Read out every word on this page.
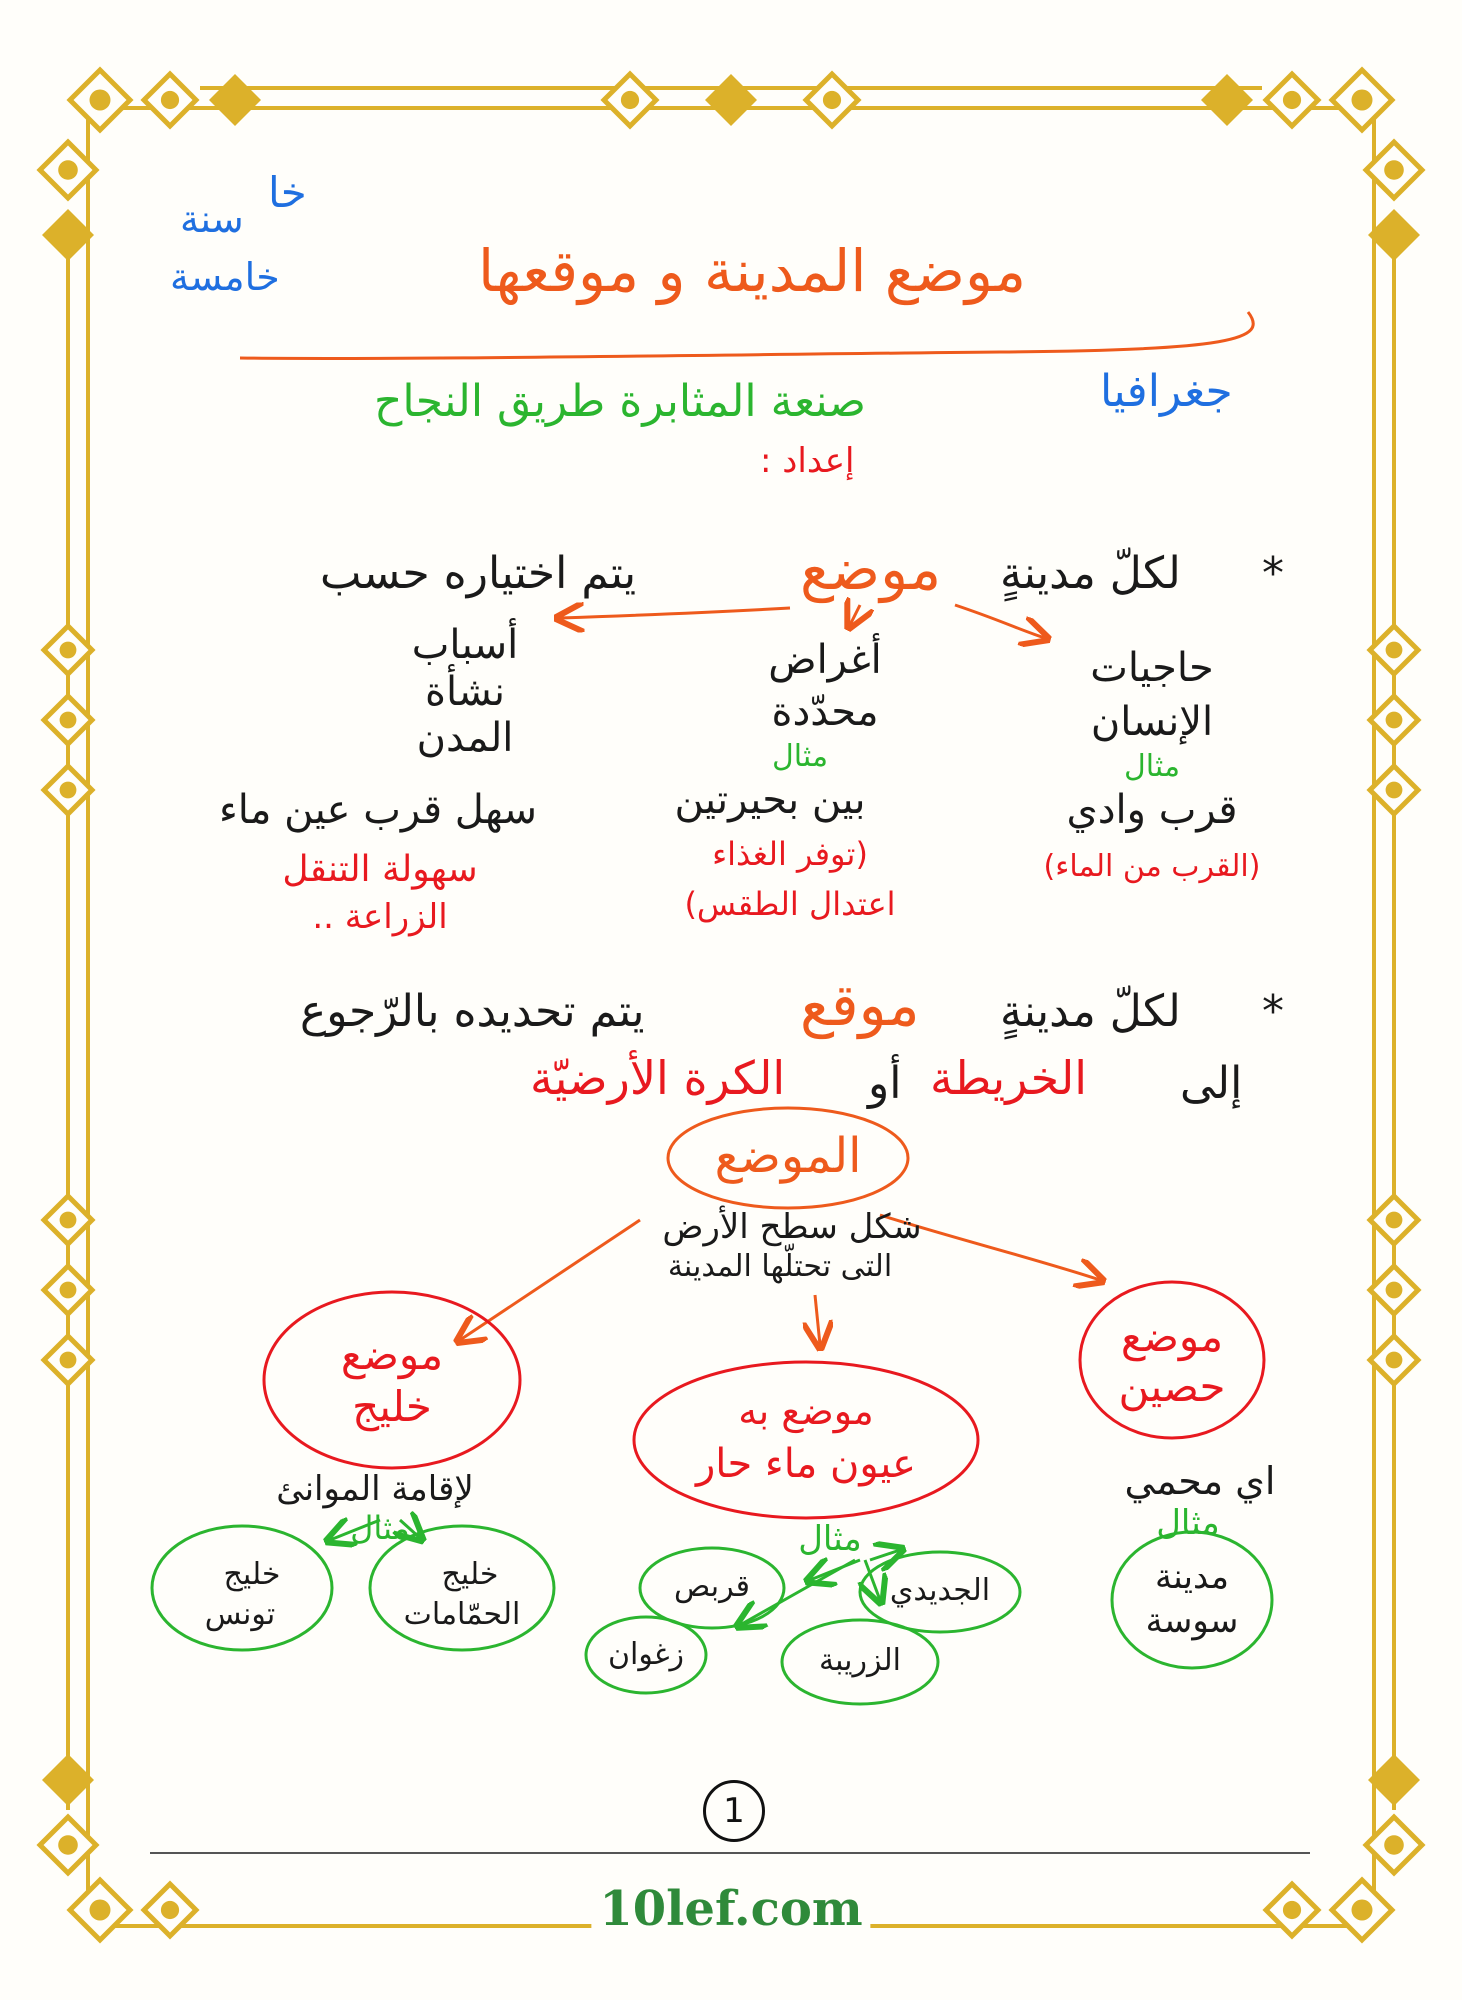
موضع المدينة و موقعها
جغرافيا
خا
سنة
خامسة
صنعة المثابرة طريق النجاح
إعداد :
*
لكلّ مدينةٍ
موضع
يتم اختياره حسب
حاجيات
الإنسان
مثال
قرب وادي
(القرب من الماء)
أغراض
محدّدة
مثال
بين بحيرتين
(توفر الغذاء
اعتدال الطقس)
أسباب
نشأة
المدن
سهل قرب عين ماء
سهولة التنقل
الزراعة ..
*
لكلّ مدينةٍ
موقع
يتم تحديده بالرّجوع
إلى
الخريطة
أو
الكرة الأرضيّة
الموضع
شكل سطح الأرض
التى تحتلّها المدينة
موضع
حصين
اي محمي
مثال
مدينة
سوسة
موضع به
عيون ماء حار
مثال
الجديدي
قربص
الزريبة
زغوان
موضع
خليج
لإقامة الموانئ
مثال
خليج
الحمّامات
خليج
تونس
1
10lef.com
